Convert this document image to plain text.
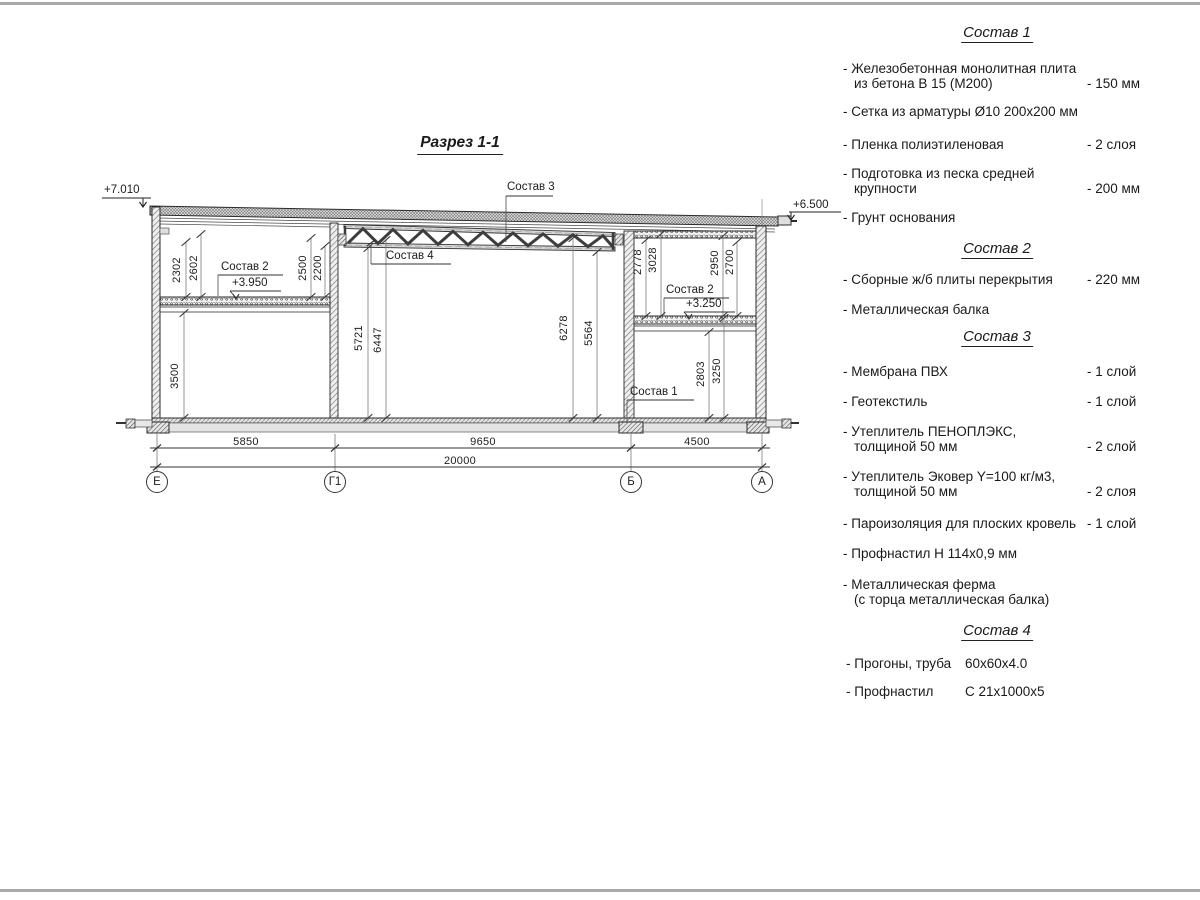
Разрез 1-1
+7.010
+6.500
+3.950
+3.250
Состав 3
Состав 4
Состав 2
Состав 2
Состав 1
2302 2602	2500 2200
3500
5721 6447	6278 5564
2778 3028	2950 2700
2803 3250
5850	9650	4500
20000
Е	Г1	Б	А
Состав 1
- Железобетонная монолитная плита
из бетона В 15 (М200)	- 150 мм
- Сетка из арматуры Ø10 200х200 мм
- Пленка полиэтиленовая	- 2 слоя
- Подготовка из песка средней
крупности	- 200 мм
- Грунт основания
Состав 2
- Сборные ж/б плиты перекрытия	- 220 мм
- Металлическая балка
Состав 3
- Мембрана ПВХ	- 1 слой
- Геотекстиль	- 1 слой
- Утеплитель ПЕНОПЛЭКС,
толщиной 50 мм	- 2 слой
- Утеплитель Эковер Y=100 кг/м3,
толщиной 50 мм	- 2 слоя
- Пароизоляция для плоских кровель - 1 слой
- Профнастил Н 114х0,9 мм
- Металлическая ферма
(с торца металлическая балка)
Состав 4
- Прогоны, труба 60х60х4.0
- Профнастил С 21х1000х5
